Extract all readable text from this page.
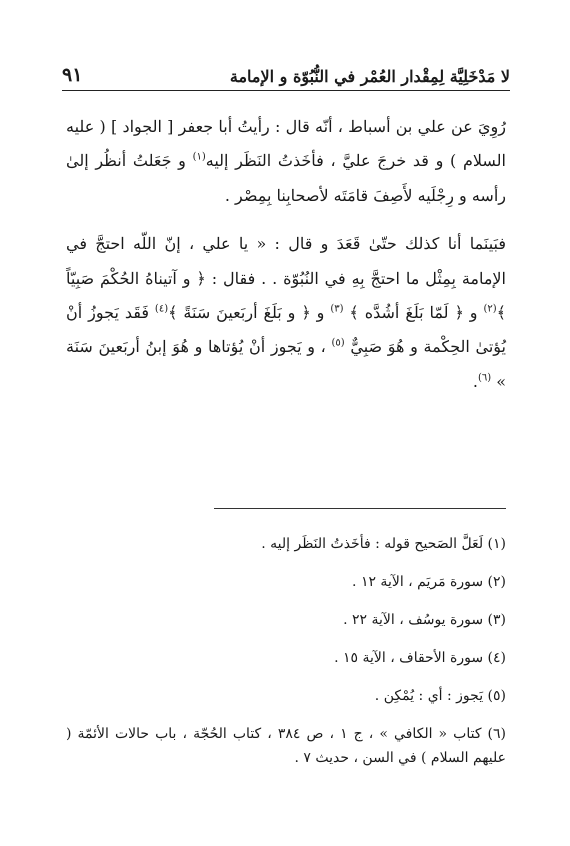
٩١	لا مَدْخَلِيَّة لِمِقْدار العُمْر في النُّبُوّة و الإمامة

رُوِيَ عن علي بن أسباط ، أنّه قال : رأيتُ أبا جعفر [ الجواد ] ( عليه السلام ) و قد خرجَ عليَّ ، فأخَذتُ النَظَر إليه$^{(١)}$ و جَعَلتُ أنظُر إلىٰ رأسه و رِجْلَيه لأَصِفَ قامَتَه لأصحابِنا بِمِصْر .

فبَينَما أنا كذلك حتّىٰ قَعَدَ و قال : « يا علي ، إنّ اللّه احتجَّ في الإمامة بِمِثْل ما احتجَّ بِهِ في النُبُوّة . . فقال : ﴿ و آتيناهُ الحُكْمَ صَبِيّاً ﴾$^{(٢)}$ و ﴿ لَمّا بَلَغَ أشُدَّه ﴾ $^{(٣)}$ و ﴿ و بَلَغَ أربَعينَ سَنَةً ﴾$^{(٤)}$ فَقَد يَجوزُ أنْ يُؤتىٰ الحِكْمة و هُوَ صَبِيٌّ $^{(٥)}$ ، و يَجوز أنْ يُؤتاها و هُوَ إبنُ أربَعينَ سَنَة » $^{(٦)}$.

(١) لَعَلَّ الصَحيح قوله : فأخَذتُ النَظَر إليه .

(٢) سورة مَريَم ، الآية ١٢ .

(٣) سورة يوسُف ، الآية ٢٢ .

(٤) سورة الأحقاف ، الآية ١٥ .

(٥) يَجوز : أي : يُمْكِن .

(٦) كتاب « الكافي » ، ج ١ ، ص ٣٨٤ ، كتاب الحُجّة ، باب حالات الأئمّة ( عليهم السلام ) في السن ، حديث ٧ .
